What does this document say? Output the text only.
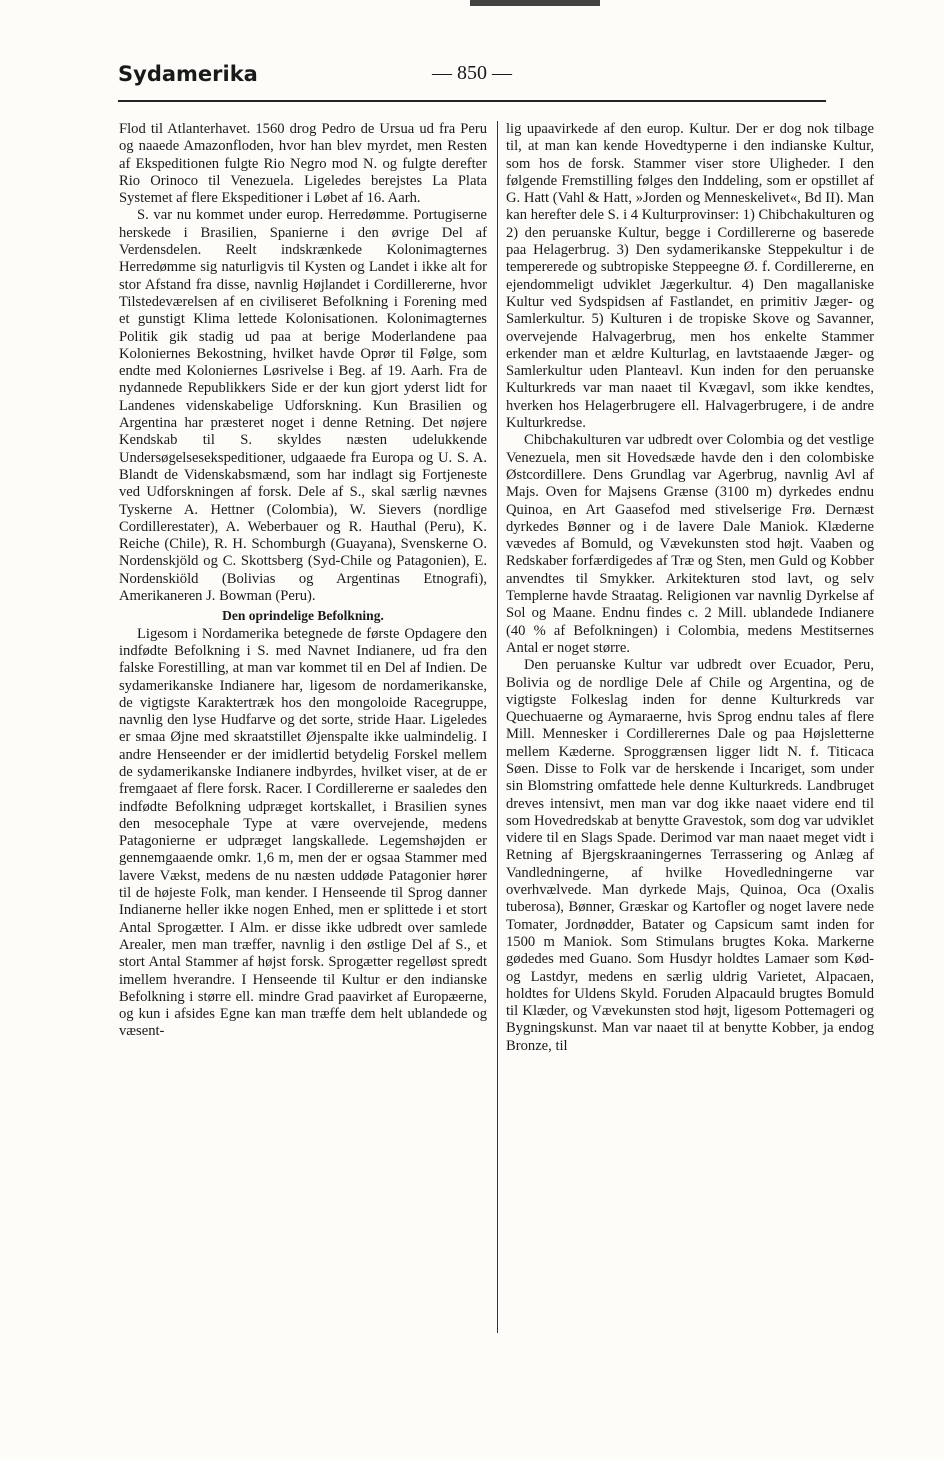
Sydamerika	— 850 —

Flod til Atlanterhavet. 1560 drog Pedro de Ursua ud fra Peru og naaede Amazonfloden, hvor han blev myrdet, men Resten af Ekspeditionen fulgte Rio Negro mod N. og fulgte derefter Rio Orinoco til Venezuela. Ligeledes berejstes La Plata Systemet af flere Ekspeditioner i Løbet af 16. Aarh.

S. var nu kommet under europ. Herredømme. Portugiserne herskede i Brasilien, Spanierne i den øvrige Del af Verdensdelen. Reelt indskrænkede Kolonimagternes Herredømme sig naturligvis til Kysten og Landet i ikke alt for stor Afstand fra disse, navnlig Højlandet i Cordillererne, hvor Tilstedeværelsen af en civiliseret Befolkning i Forening med et gunstigt Klima lettede Kolonisationen. Kolonimagternes Politik gik stadig ud paa at berige Moderlandene paa Koloniernes Bekostning, hvilket havde Oprør til Følge, som endte med Koloniernes Løsrivelse i Beg. af 19. Aarh. Fra de nydannede Republikkers Side er der kun gjort yderst lidt for Landenes videnskabelige Udforskning. Kun Brasilien og Argentina har præsteret noget i denne Retning. Det nøjere Kendskab til S. skyldes næsten udelukkende Undersøgelsesekspeditioner, udgaaede fra Europa og U. S. A. Blandt de Videnskabsmænd, som har indlagt sig Fortjeneste ved Udforskningen af forsk. Dele af S., skal særlig nævnes Tyskerne A. Hettner (Colombia), W. Sievers (nordlige Cordillerestater), A. Weberbauer og R. Hauthal (Peru), K. Reiche (Chile), R. H. Schomburgh (Guayana), Svenskerne O. Nordenskjöld og C. Skottsberg (Syd-Chile og Patagonien), E. Nordenskiöld (Bolivias og Argentinas Etnografi), Amerikaneren J. Bowman (Peru).

Den oprindelige Befolkning.

Ligesom i Nordamerika betegnede de første Opdagere den indfødte Befolkning i S. med Navnet Indianere, ud fra den falske Forestilling, at man var kommet til en Del af Indien. De sydamerikanske Indianere har, ligesom de nordamerikanske, de vigtigste Karaktertræk hos den mongoloide Racegruppe, navnlig den lyse Hudfarve og det sorte, stride Haar. Ligeledes er smaa Øjne med skraatstillet Øjenspalte ikke ualmindelig. I andre Henseender er der imidlertid betydelig Forskel mellem de sydamerikanske Indianere indbyrdes, hvilket viser, at de er fremgaaet af flere forsk. Racer. I Cordillererne er saaledes den indfødte Befolkning udpræget kortskallet, i Brasilien synes den mesocephale Type at være overvejende, medens Patagonierne er udpræget langskallede. Legemshøjden er gennemgaaende omkr. 1,6 m, men der er ogsaa Stammer med lavere Vækst, medens de nu næsten uddøde Patagonier hører til de højeste Folk, man kender. I Henseende til Sprog danner Indianerne heller ikke nogen Enhed, men er splittede i et stort Antal Sprogætter. I Alm. er disse ikke udbredt over samlede Arealer, men man træffer, navnlig i den østlige Del af S., et stort Antal Stammer af højst forsk. Sprogætter regelløst spredt imellem hverandre. I Henseende til Kultur er den indianske Befolkning i større ell. mindre Grad paavirket af Europæerne, og kun i afsides Egne kan man træffe dem helt ublandede og væsent-

lig upaavirkede af den europ. Kultur. Der er dog nok tilbage til, at man kan kende Hovedtyperne i den indianske Kultur, som hos de forsk. Stammer viser store Uligheder. I den følgende Fremstilling følges den Inddeling, som er opstillet af G. Hatt (Vahl & Hatt, »Jorden og Menneskelivet«, Bd II). Man kan herefter dele S. i 4 Kulturprovinser: 1) Chibchakulturen og 2) den peruanske Kultur, begge i Cordillererne og baserede paa Helagerbrug. 3) Den sydamerikanske Steppekultur i de tempererede og subtropiske Steppeegne Ø. f. Cordillererne, en ejendommeligt udviklet Jægerkultur. 4) Den magallaniske Kultur ved Sydspidsen af Fastlandet, en primitiv Jæger- og Samlerkultur. 5) Kulturen i de tropiske Skove og Savanner, overvejende Halvagerbrug, men hos enkelte Stammer erkender man et ældre Kulturlag, en lavtstaaende Jæger- og Samlerkultur uden Planteavl. Kun inden for den peruanske Kulturkreds var man naaet til Kvægavl, som ikke kendtes, hverken hos Helagerbrugere ell. Halvagerbrugere, i de andre Kulturkredse.

Chibchakulturen var udbredt over Colombia og det vestlige Venezuela, men sit Hovedsæde havde den i den colombiske Østcordillere. Dens Grundlag var Agerbrug, navnlig Avl af Majs. Oven for Majsens Grænse (3100 m) dyrkedes endnu Quinoa, en Art Gaasefod med stivelserige Frø. Dernæst dyrkedes Bønner og i de lavere Dale Maniok. Klæderne vævedes af Bomuld, og Vævekunsten stod højt. Vaaben og Redskaber forfærdigedes af Træ og Sten, men Guld og Kobber anvendtes til Smykker. Arkitekturen stod lavt, og selv Templerne havde Straatag. Religionen var navnlig Dyrkelse af Sol og Maane. Endnu findes c. 2 Mill. ublandede Indianere (40 % af Befolkningen) i Colombia, medens Mestitsernes Antal er noget større.

Den peruanske Kultur var udbredt over Ecuador, Peru, Bolivia og de nordlige Dele af Chile og Argentina, og de vigtigste Folkeslag inden for denne Kulturkreds var Quechuaerne og Aymaraerne, hvis Sprog endnu tales af flere Mill. Mennesker i Cordillerernes Dale og paa Højsletterne mellem Kæderne. Sproggrænsen ligger lidt N. f. Titicaca Søen. Disse to Folk var de herskende i Incariget, som under sin Blomstring omfattede hele denne Kulturkreds. Landbruget dreves intensivt, men man var dog ikke naaet videre end til som Hovedredskab at benytte Gravestok, som dog var udviklet videre til en Slags Spade. Derimod var man naaet meget vidt i Retning af Bjergskraaningernes Terrassering og Anlæg af Vandledningerne, af hvilke Hovedledningerne var overhvælvede. Man dyrkede Majs, Quinoa, Oca (Oxalis tuberosa), Bønner, Græskar og Kartofler og noget lavere nede Tomater, Jordnødder, Batater og Capsicum samt inden for 1500 m Maniok. Som Stimulans brugtes Koka. Markerne gødedes med Guano. Som Husdyr holdtes Lamaer som Kød- og Lastdyr, medens en særlig uldrig Varietet, Alpacaen, holdtes for Uldens Skyld. Foruden Alpacauld brugtes Bomuld til Klæder, og Vævekunsten stod højt, ligesom Pottemageri og Bygningskunst. Man var naaet til at benytte Kobber, ja endog Bronze, til
